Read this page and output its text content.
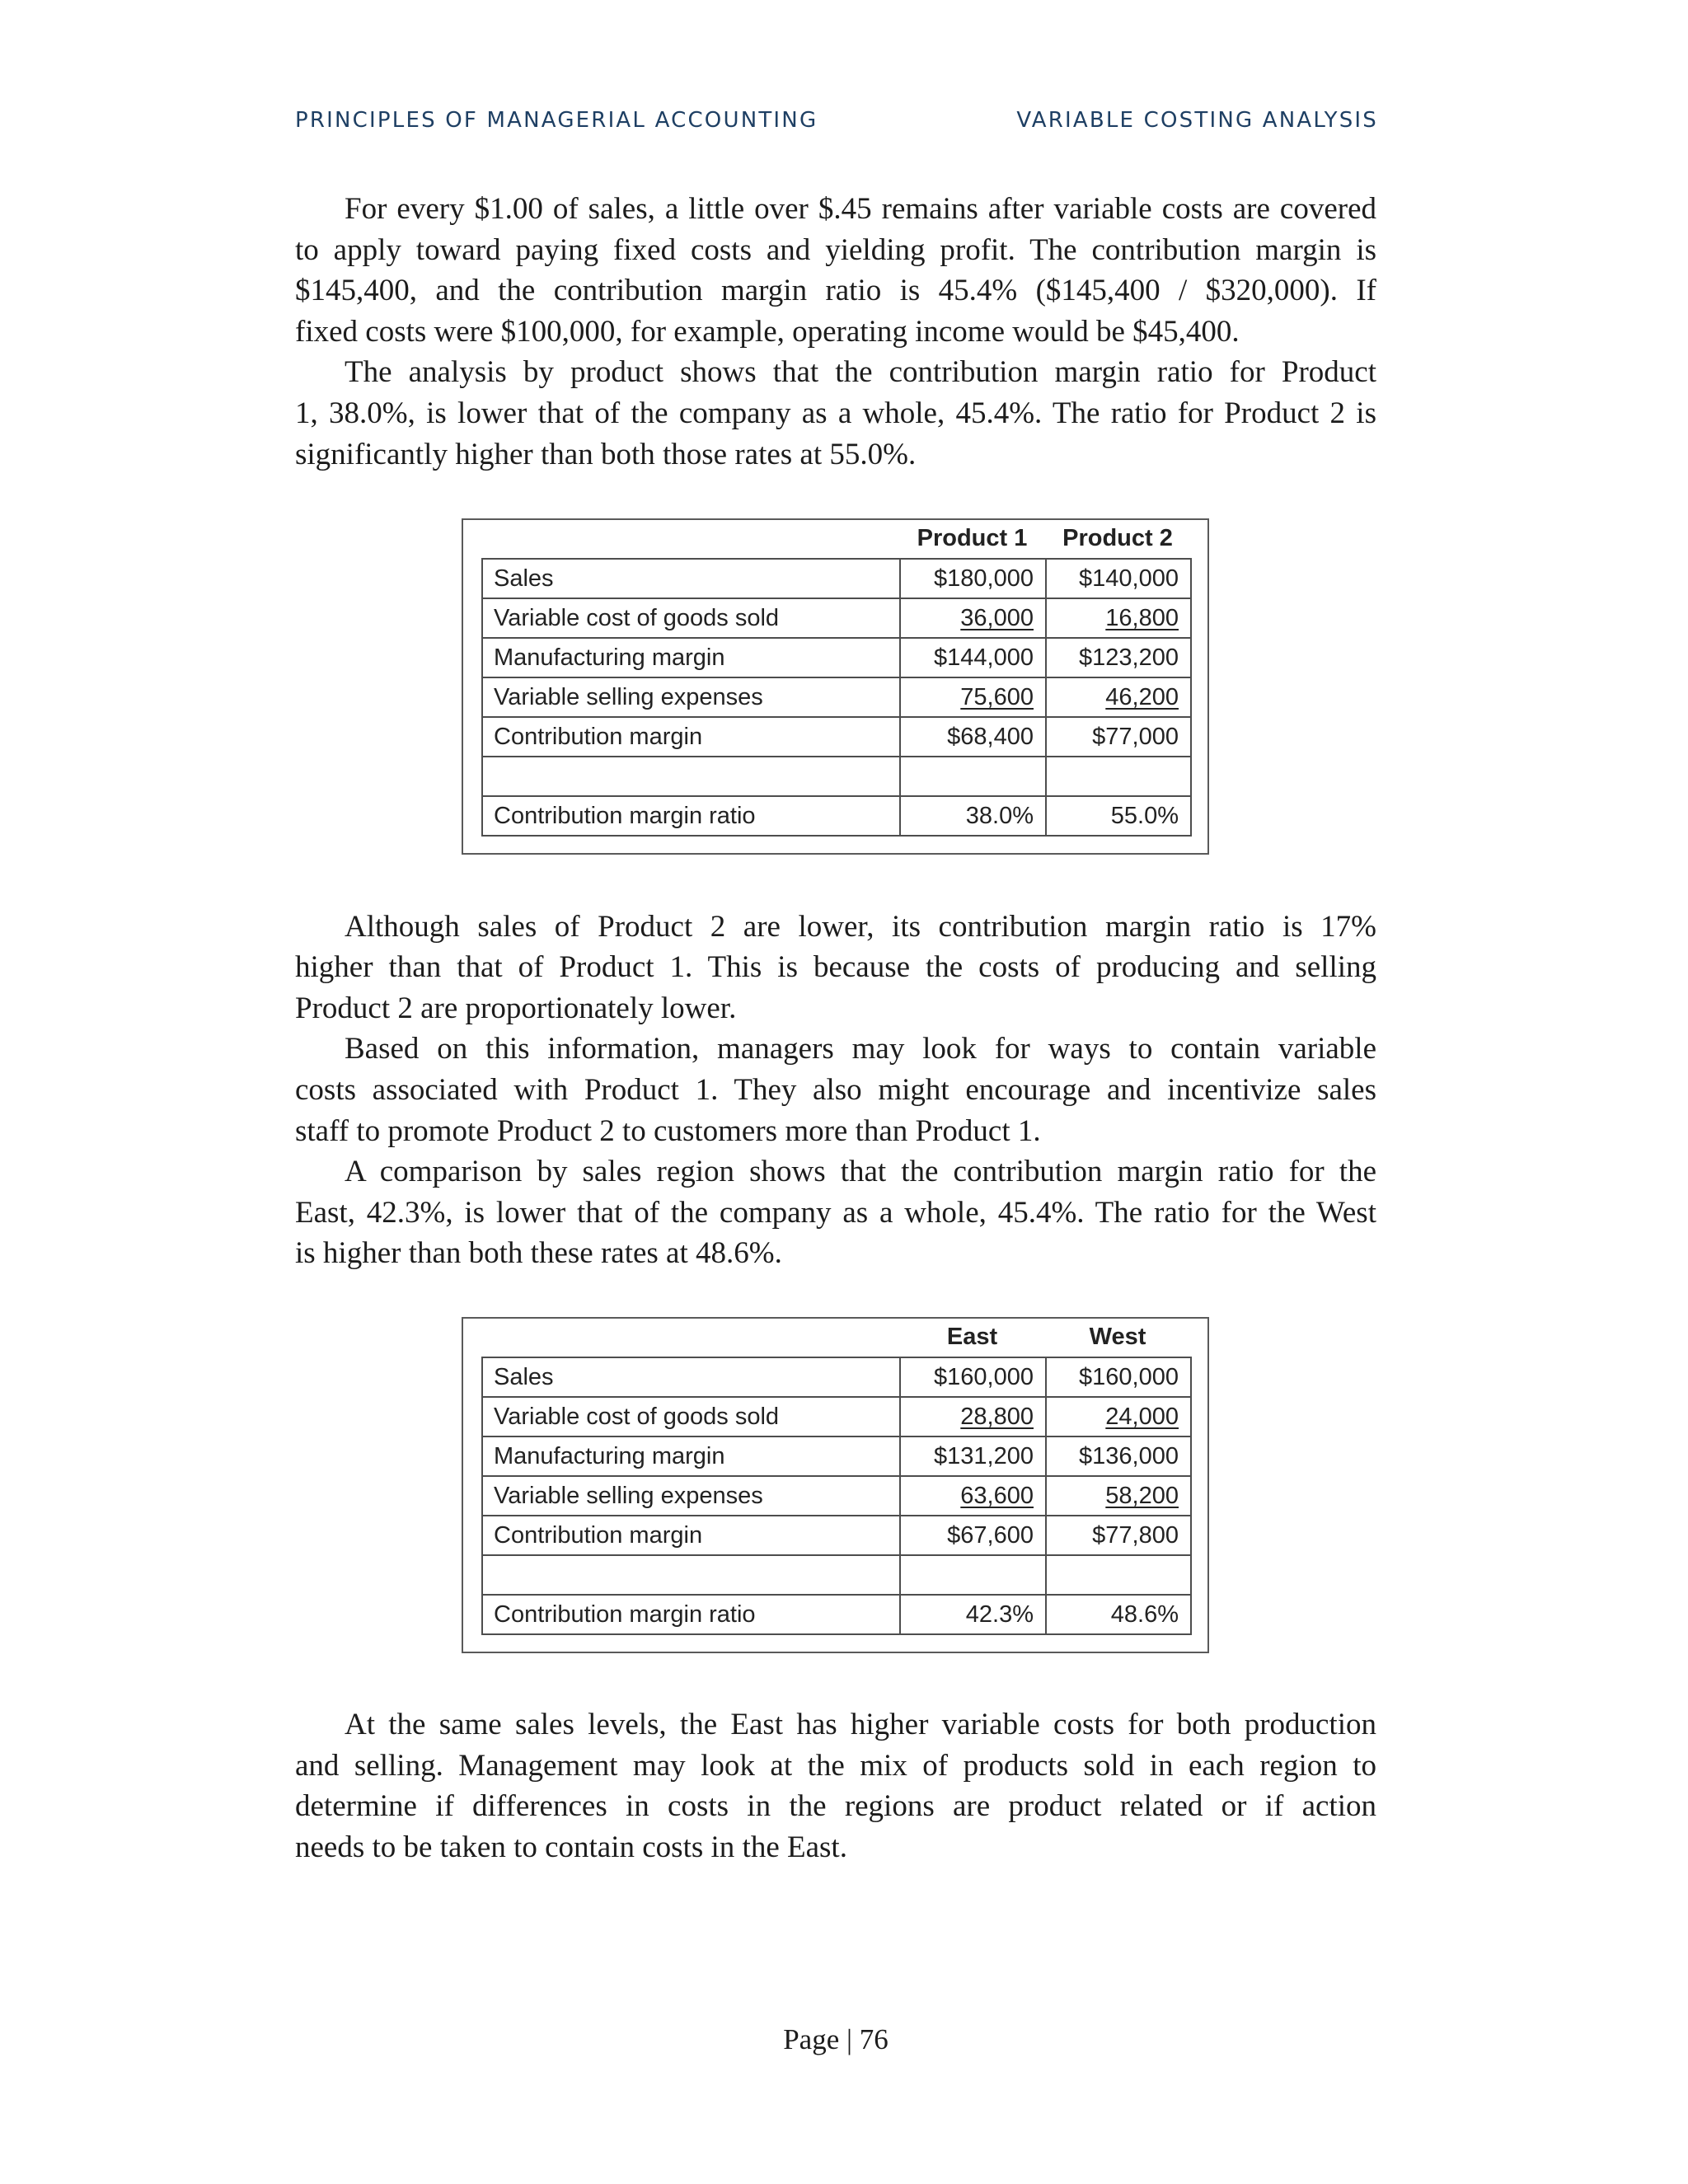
PRINCIPLES OF MANAGERIAL ACCOUNTING	VARIABLE COSTING ANALYSIS
For every $1.00 of sales, a little over $.45 remains after variable costs are covered
to apply toward paying fixed costs and yielding profit. The contribution margin is
$145,400, and the contribution margin ratio is 45.4% ($145,400 / $320,000). If
fixed costs were $100,000, for example, operating income would be $45,400.
The analysis by product shows that the contribution margin ratio for Product
1, 38.0%, is lower that of the company as a whole, 45.4%. The ratio for Product 2 is
significantly higher than both those rates at 55.0%.
Product 1	Product 2
Sales	$180,000	$140,000
Variable cost of goods sold	36,000	16,800
Manufacturing margin	$144,000	$123,200
Variable selling expenses	75,600	46,200
Contribution margin	$68,400	$77,000

Contribution margin ratio	38.0%	55.0%
Although sales of Product 2 are lower, its contribution margin ratio is 17%
higher than that of Product 1. This is because the costs of producing and selling
Product 2 are proportionately lower.
Based on this information, managers may look for ways to contain variable
costs associated with Product 1. They also might encourage and incentivize sales
staff to promote Product 2 to customers more than Product 1.
A comparison by sales region shows that the contribution margin ratio for the
East, 42.3%, is lower that of the company as a whole, 45.4%. The ratio for the West
is higher than both these rates at 48.6%.
East	West
Sales	$160,000	$160,000
Variable cost of goods sold	28,800	24,000
Manufacturing margin	$131,200	$136,000
Variable selling expenses	63,600	58,200
Contribution margin	$67,600	$77,800

Contribution margin ratio	42.3%	48.6%
At the same sales levels, the East has higher variable costs for both production
and selling. Management may look at the mix of products sold in each region to
determine if differences in costs in the regions are product related or if action
needs to be taken to contain costs in the East.
Page | 76
